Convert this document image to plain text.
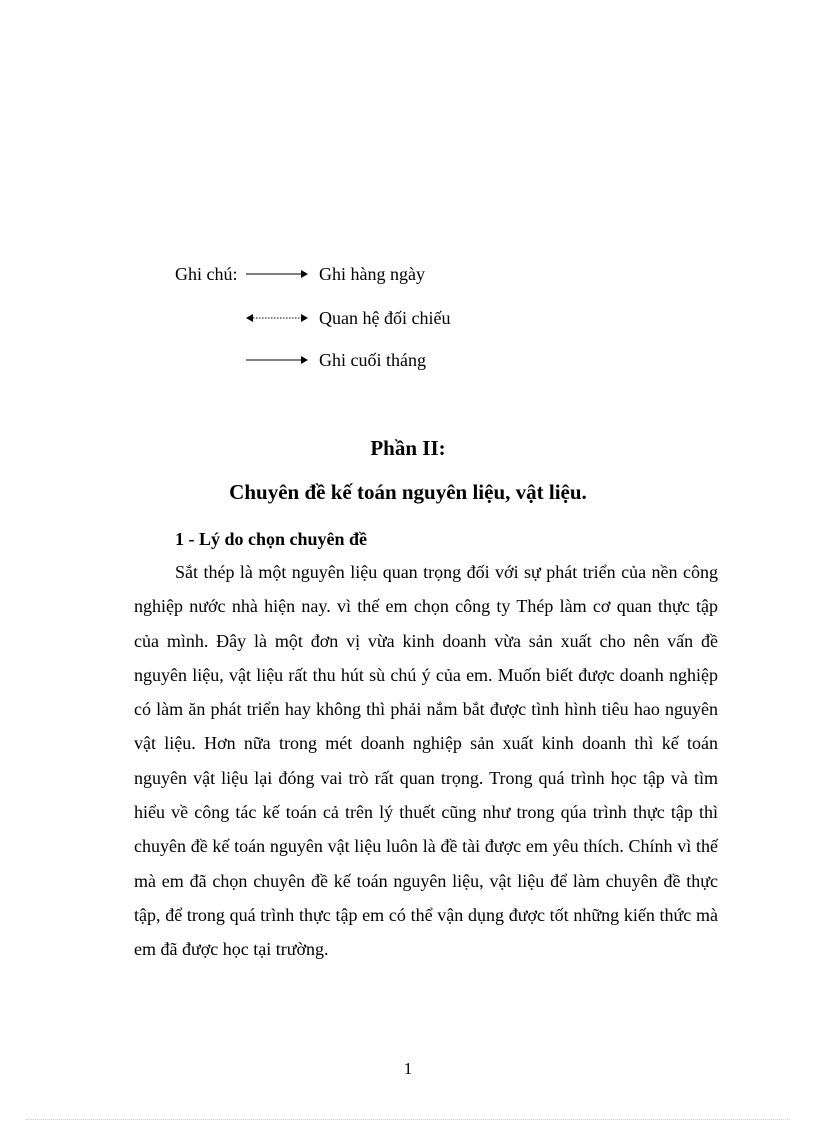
Ghi chú:	Ghi hàng ngày
Quan hệ đối chiếu
Ghi cuối tháng
Phần II:
Chuyên đề kế toán nguyên liệu, vật liệu.
1 - Lý do chọn chuyên đề

Sắt thép là một nguyên liệu quan trọng đối với sự phát triển của nền công nghiệp nước nhà hiện nay. vì thế em chọn công ty Thép làm cơ quan thực tập của mình. Đây là một đơn vị vừa kinh doanh vừa sản xuất cho nên vấn đề nguyên liệu, vật liệu rất thu hút sù chú ý của em. Muốn biết được doanh nghiệp có làm ăn phát triển hay không thì phải nắm bắt được tình hình tiêu hao nguyên vật liệu. Hơn nữa trong mét doanh nghiệp sản xuất kinh doanh thì kế toán nguyên vật liệu lại đóng vai trò rất quan trọng. Trong quá trình học tập và tìm hiểu về công tác kế toán cả trên lý thuết cũng như trong qúa trình thực tập thì chuyên đề kế toán nguyên vật liệu luôn là đề tài được em yêu thích. Chính vì thế mà em đã chọn chuyên đề kế toán nguyên liệu, vật liệu để làm chuyên đề thực tập, để trong quá trình thực tập em có thể vận dụng được tốt những kiến thức mà em đã được học tại trường.

1
